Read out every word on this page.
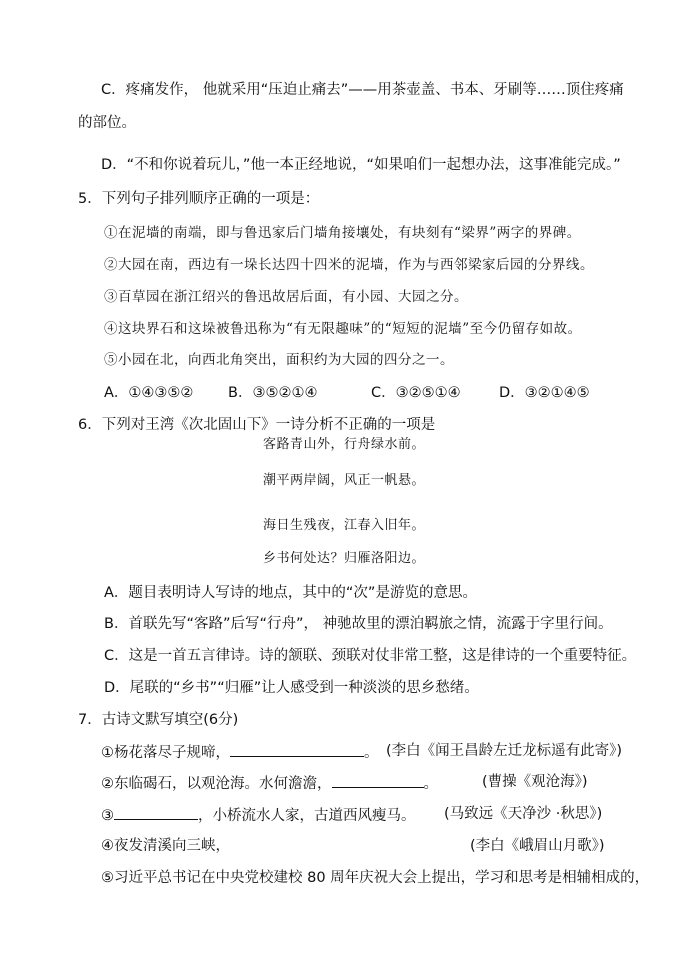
C．疼痛发作， 他就采用“压迫止痛去”——用茶壶盖、书本、牙刷等……顶住疼痛
的部位。
D．“不和你说着玩儿，”他一本正经地说，“如果咱们一起想办法，这事准能完成。”
5．下列句子排列顺序正确的一项是：
①在泥墙的南端，即与鲁迅家后门墙角接壤处，有块刻有“梁界”两字的界碑。
②大园在南，西边有一垛长达四十四米的泥墙，作为与西邻梁家后园的分界线。
③百草园在浙江绍兴的鲁迅故居后面，有小园、大园之分。
④这块界石和这垛被鲁迅称为“有无限趣味”的“短短的泥墙”至今仍留存如故。
⑤小园在北，向西北角突出，面积约为大园的四分之一。
A．①④③⑤② B．③⑤②①④	C．③②⑤①④	D．③②①④⑤
6．下列对王湾《次北固山下》一诗分析不正确的一项是
客路青山外，行舟绿水前。
潮平两岸阔，风正一帆悬。
海日生残夜，江春入旧年。
乡书何处达？归雁洛阳边。
A．题目表明诗人写诗的地点，其中的“次”是游览的意思。
B．首联先写“客路”后写“行舟”， 神驰故里的漂泊羁旅之情，流露于字里行间。
C．这是一首五言律诗。诗的颔联、颈联对仗非常工整，这是律诗的一个重要特征。
D．尾联的“乡书”“归雁”让人感受到一种淡淡的思乡愁绪。
7．古诗文默写填空(6分)
①杨花落尽子规啼，	。 (李白《闻王昌龄左迁龙标遥有此寄》)
②东临碣石，以观沧海。水何澹澹，	。	(曹操《观沧海》)
③	，小桥流水人家，古道西风瘦马。 (马致远《天净沙 ·秋思》)
④夜发清溪向三峡，	(李白《峨眉山月歌》)
⑤习近平总书记在中央党校建校 80 周年庆祝大会上提出，学习和思考是相辅相成的，
